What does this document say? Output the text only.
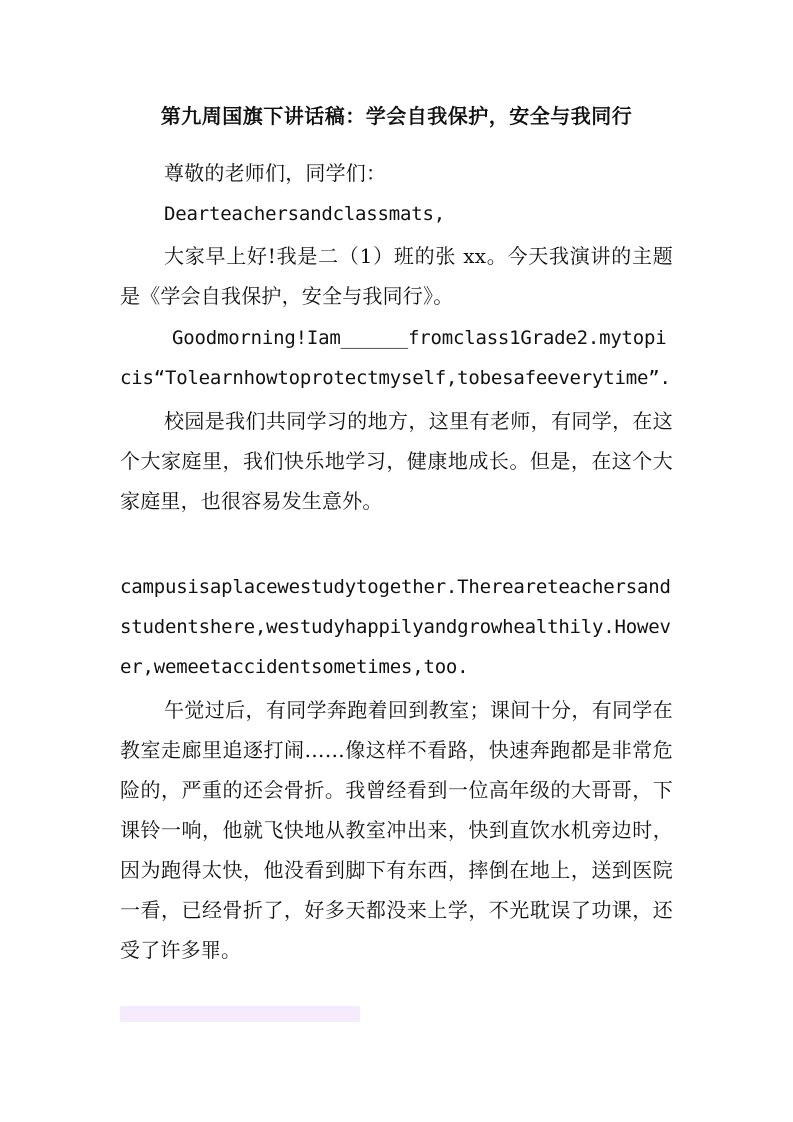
第九周国旗下讲话稿：学会自我保护，安全与我同行
尊敬的老师们，同学们：
Dearteachersandclassmats,
大家早上好!我是二（1）班的张 xx。今天我演讲的主题是《学会自我保护，安全与我同行》。
Goodmorning!Iam______fromclass1Grade2.mytopicis“Tolearnhowtoprotectmyself,tobesafeeverytime”.
校园是我们共同学习的地方，这里有老师，有同学，在这个大家庭里，我们快乐地学习，健康地成长。但是，在这个大家庭里，也很容易发生意外。
campusisaplacewestudytogether.Thereareteachersandstudentshere,westudyhappilyandgrowhealthily.However,wemeetaccidentsometimes,too.
午觉过后，有同学奔跑着回到教室；课间十分，有同学在教室走廊里追逐打闹……像这样不看路，快速奔跑都是非常危险的，严重的还会骨折。我曾经看到一位高年级的大哥哥，下课铃一响，他就飞快地从教室冲出来，快到直饮水机旁边时，因为跑得太快，他没看到脚下有东西，摔倒在地上，送到医院一看，已经骨折了，好多天都没来上学，不光耽误了功课，还受了许多罪。
